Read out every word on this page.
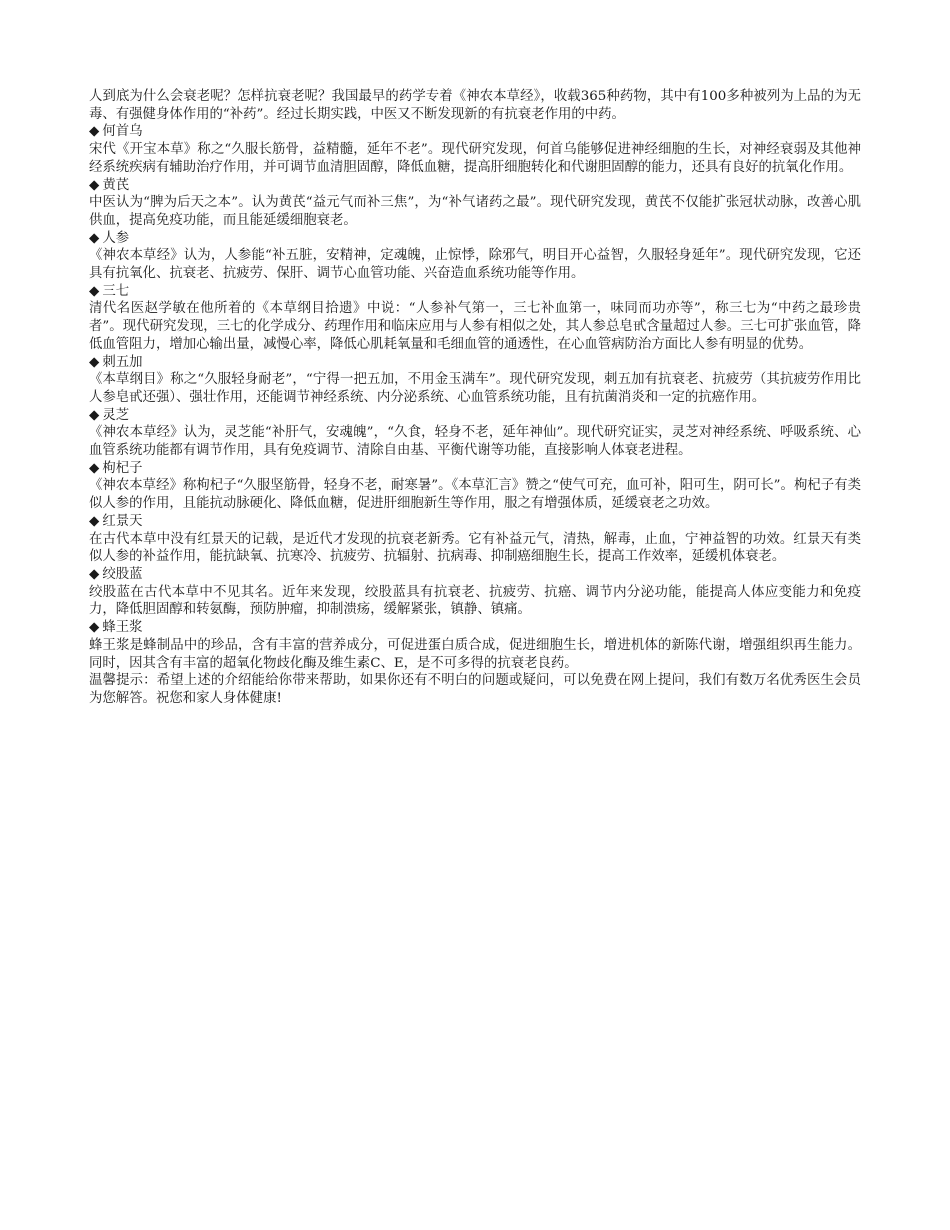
人到底为什么会衰老呢？怎样抗衰老呢？我国最早的药学专着《神农本草经》，收载365种药物，其中有100多种被列为上品的为无毒、有强健身体作用的“补药”。经过长期实践，中医又不断发现新的有抗衰老作用的中药。

◆ 何首乌

宋代《开宝本草》称之“久服长筋骨，益精髓，延年不老”。现代研究发现，何首乌能够促进神经细胞的生长，对神经衰弱及其他神经系统疾病有辅助治疗作用，并可调节血清胆固醇，降低血糖，提高肝细胞转化和代谢胆固醇的能力，还具有良好的抗氧化作用。

◆ 黄芪

中医认为“脾为后天之本”。认为黄芪“益元气而补三焦”，为“补气诸药之最”。现代研究发现，黄芪不仅能扩张冠状动脉，改善心肌供血，提高免疫功能，而且能延缓细胞衰老。

◆ 人参

《神农本草经》认为，人参能“补五脏，安精神，定魂魄，止惊悸，除邪气，明目开心益智，久服轻身延年”。现代研究发现，它还具有抗氧化、抗衰老、抗疲劳、保肝、调节心血管功能、兴奋造血系统功能等作用。

◆ 三七

清代名医赵学敏在他所着的《本草纲目拾遗》中说：“人参补气第一，三七补血第一，味同而功亦等”，称三七为“中药之最珍贵者”。现代研究发现，三七的化学成分、药理作用和临床应用与人参有相似之处，其人参总皂甙含量超过人参。三七可扩张血管，降低血管阻力，增加心输出量，减慢心率，降低心肌耗氧量和毛细血管的通透性，在心血管病防治方面比人参有明显的优势。

◆ 刺五加

《本草纲目》称之“久服轻身耐老”，“宁得一把五加，不用金玉满车”。现代研究发现，刺五加有抗衰老、抗疲劳（其抗疲劳作用比人参皂甙还强）、强壮作用，还能调节神经系统、内分泌系统、心血管系统功能，且有抗菌消炎和一定的抗癌作用。

◆ 灵芝

《神农本草经》认为，灵芝能“补肝气，安魂魄”，“久食，轻身不老，延年神仙”。现代研究证实，灵芝对神经系统、呼吸系统、心血管系统功能都有调节作用，具有免疫调节、清除自由基、平衡代谢等功能，直接影响人体衰老进程。

◆ 枸杞子

《神农本草经》称枸杞子“久服坚筋骨，轻身不老，耐寒暑”。《本草汇言》赞之“使气可充，血可补，阳可生，阴可长”。枸杞子有类似人参的作用，且能抗动脉硬化、降低血糖，促进肝细胞新生等作用，服之有增强体质，延缓衰老之功效。

◆ 红景天

在古代本草中没有红景天的记载，是近代才发现的抗衰老新秀。它有补益元气，清热，解毒，止血，宁神益智的功效。红景天有类似人参的补益作用，能抗缺氧、抗寒冷、抗疲劳、抗辐射、抗病毒、抑制癌细胞生长，提高工作效率，延缓机体衰老。

◆ 绞股蓝

绞股蓝在古代本草中不见其名。近年来发现，绞股蓝具有抗衰老、抗疲劳、抗癌、调节内分泌功能，能提高人体应变能力和免疫力，降低胆固醇和转氨酶，预防肿瘤，抑制溃疡，缓解紧张，镇静、镇痛。

◆ 蜂王浆

蜂王浆是蜂制品中的珍品，含有丰富的营养成分，可促进蛋白质合成，促进细胞生长，增进机体的新陈代谢，增强组织再生能力。同时，因其含有丰富的超氧化物歧化酶及维生素C、E，是不可多得的抗衰老良药。

温馨提示：希望上述的介绍能给你带来帮助，如果你还有不明白的问题或疑问，可以免费在网上提问，我们有数万名优秀医生会员为您解答。祝您和家人身体健康!
